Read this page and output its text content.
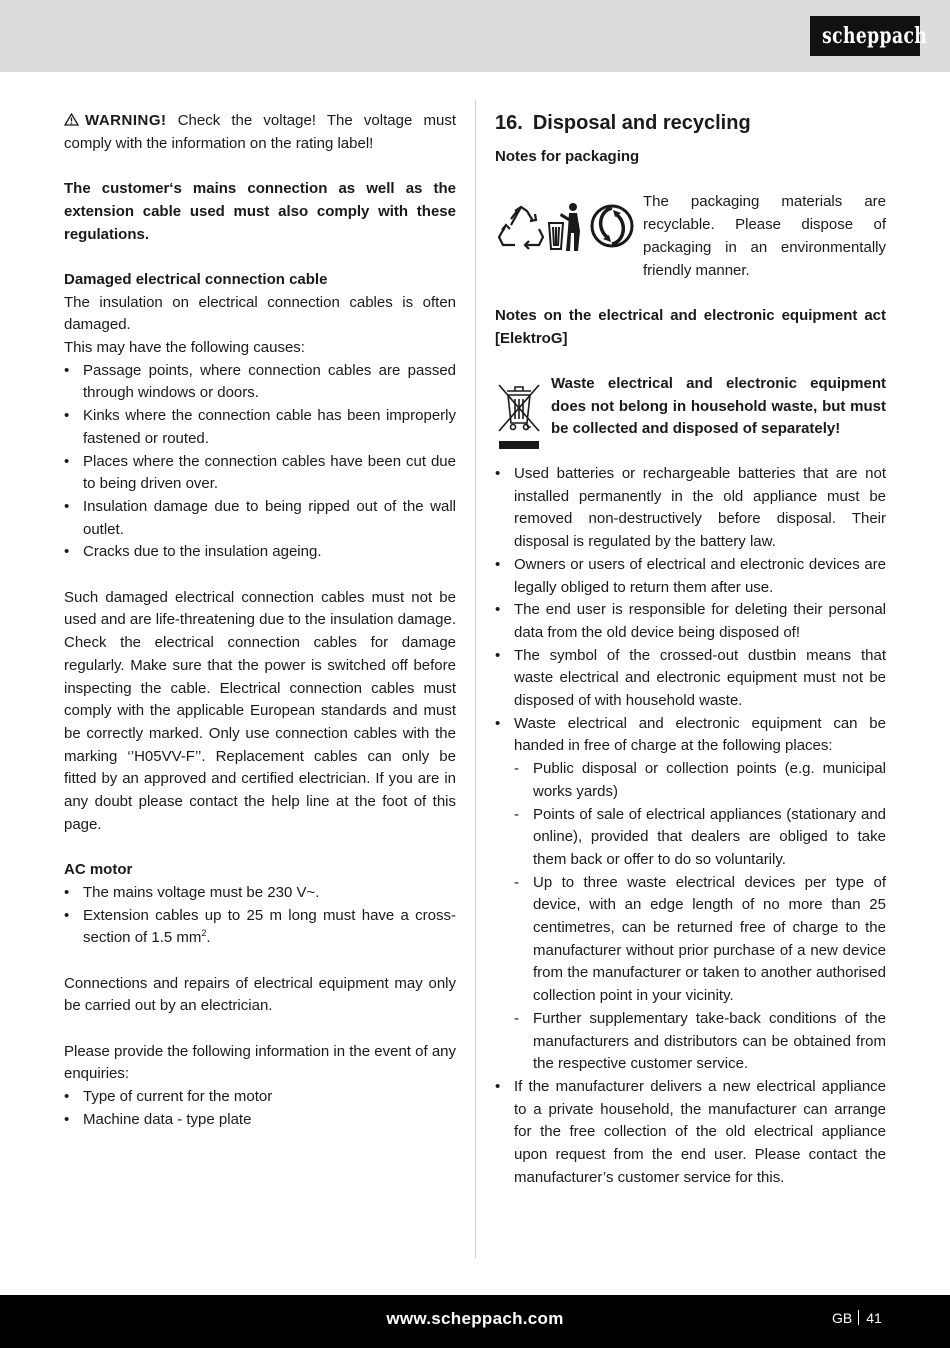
scheppach

WARNING! Check the voltage! The voltage must comply with the information on the rating label!

The customer‘s mains connection as well as the extension cable used must also comply with these regulations.

Damaged electrical connection cable

The insulation on electrical connection cables is often damaged.

This may have the following causes:

• Passage points, where connection cables are passed through windows or doors.
• Kinks where the connection cable has been improperly fastened or routed.
• Places where the connection cables have been cut due to being driven over.
• Insulation damage due to being ripped out of the wall outlet.
• Cracks due to the insulation ageing.

Such damaged electrical connection cables must not be used and are life-threatening due to the insulation damage. Check the electrical connection cables for damage regularly. Make sure that the power is switched off before inspecting the cable. Electrical connection cables must comply with the applicable European standards and must be correctly marked. Only use connection cables with the marking ‘’H05VV-F’’. Replacement cables can only be fitted by an approved and certified electrician. If you are in any doubt please contact the help line at the foot of this page.

AC motor

• The mains voltage must be 230 V~.
• Extension cables up to 25 m long must have a cross-section of 1.5 $mm^2$.

Connections and repairs of electrical equipment may only be carried out by an electrician.

Please provide the following information in the event of any enquiries:

• Type of current for the motor
• Machine data - type plate
16. Disposal and recycling

Notes for packaging

The packaging materials are recyclable. Please dispose of packaging in an environmentally friendly manner.

Notes on the electrical and electronic equipment act [ElektroG]

Waste electrical and electronic equipment does not belong in household waste, but must be collected and disposed of separately!

• Used batteries or rechargeable batteries that are not installed permanently in the old appliance must be removed non-destructively before disposal. Their disposal is regulated by the battery law.
• Owners or users of electrical and electronic devices are legally obliged to return them after use.
• The end user is responsible for deleting their personal data from the old device being disposed of!
• The symbol of the crossed-out dustbin means that waste electrical and electronic equipment must not be disposed of with household waste.
• Waste electrical and electronic equipment can be handed in free of charge at the following places:
- Public disposal or collection points (e.g. municipal works yards)
- Points of sale of electrical appliances (stationary and online), provided that dealers are obliged to take them back or offer to do so voluntarily.
- Up to three waste electrical devices per type of device, with an edge length of no more than 25 centimetres, can be returned free of charge to the manufacturer without prior purchase of a new device from the manufacturer or taken to another authorised collection point in your vicinity.
- Further supplementary take-back conditions of the manufacturers and distributors can be obtained from the respective customer service.
• If the manufacturer delivers a new electrical appliance to a private household, the manufacturer can arrange for the free collection of the old electrical appliance upon request from the end user. Please contact the manufacturer’s customer service for this.
www.scheppach.com	GB 41
